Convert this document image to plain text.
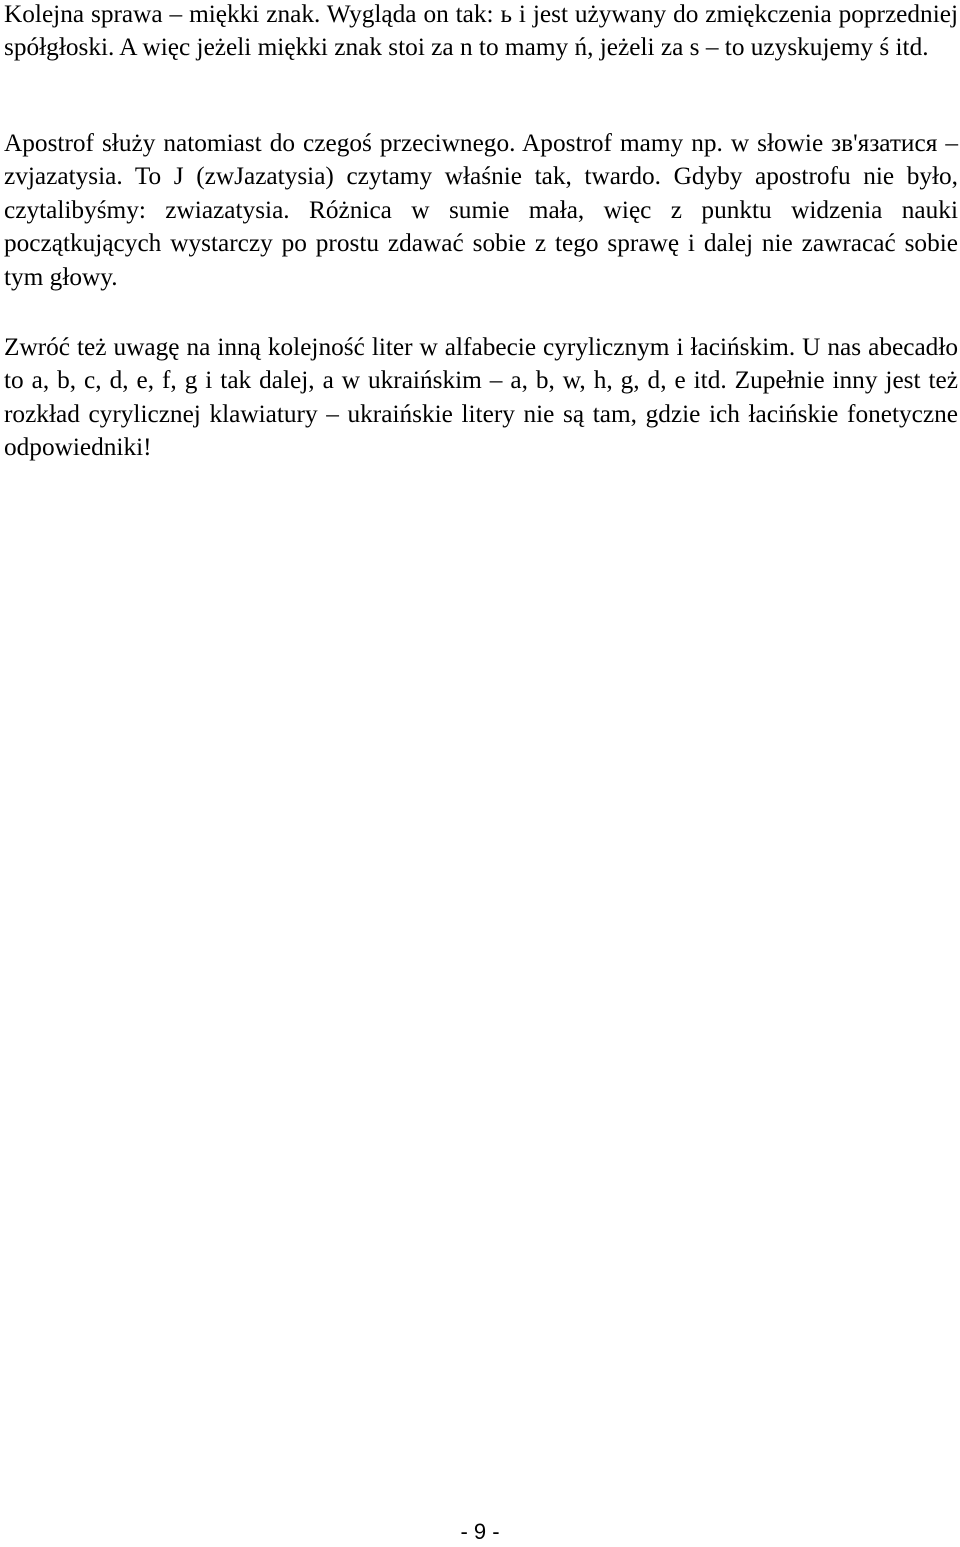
Kolejna sprawa – miękki znak. Wygląda on tak: ь i jest używany do zmiękczenia poprzedniej spółgłoski. A więc jeżeli miękki znak stoi za n to mamy ń, jeżeli za s – to uzyskujemy ś itd.

Apostrof służy natomiast do czegoś przeciwnego. Apostrof mamy np. w słowie зв'язатися – zvjazatysia. To J (zwJazatysia) czytamy właśnie tak, twardo. Gdyby apostrofu nie było, czytalibyśmy: zwiazatysia. Różnica w sumie mała, więc z punktu widzenia nauki początkujących wystarczy po prostu zdawać sobie z tego sprawę i dalej nie zawracać sobie tym głowy.

Zwróć też uwagę na inną kolejność liter w alfabecie cyrylicznym i łacińskim. U nas abecadło to a, b, c, d, e, f, g i tak dalej, a w ukraińskim – a, b, w, h, g, d, e itd. Zupełnie inny jest też rozkład cyrylicznej klawiatury – ukraińskie litery nie są tam, gdzie ich łacińskie fonetyczne odpowiedniki!

- 9 -
